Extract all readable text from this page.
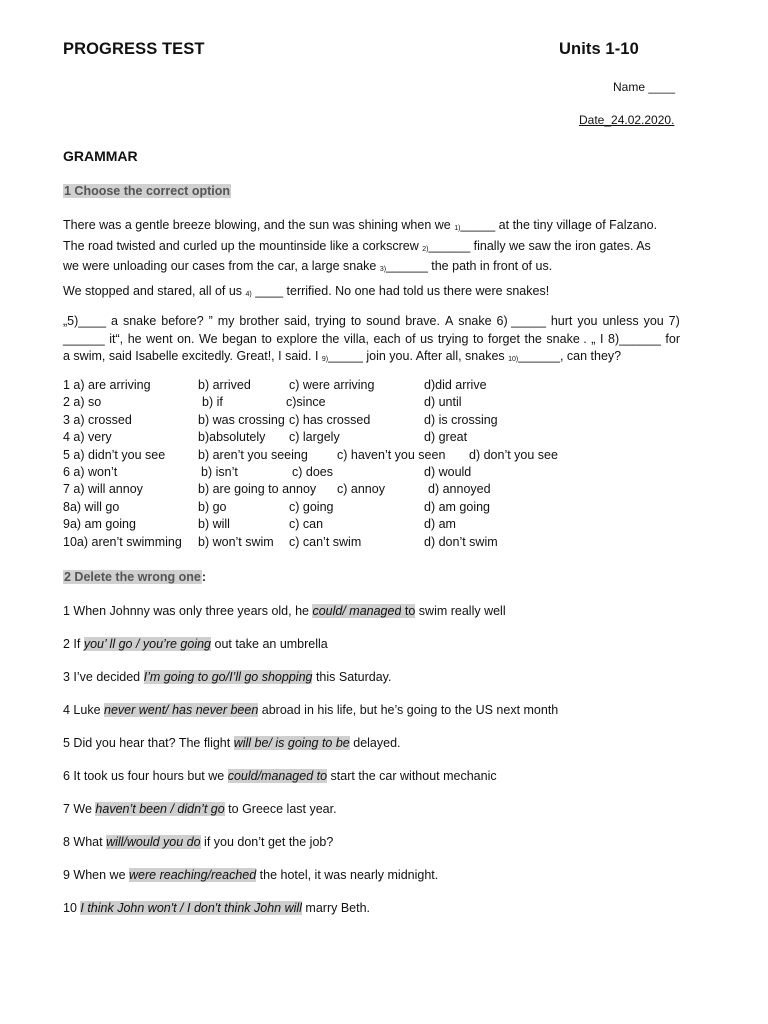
PROGRESS TEST	Units 1-10
Name ____
Date_24.02.2020.
GRAMMAR
1 Choose the correct option
There was a gentle breeze blowing, and the sun was shining when we 1)_____ at the tiny village of Falzano.
The road twisted and curled up the mountinside like a corkscrew 2)______ finally we saw the iron gates. As
we were unloading our cases from the car, a large snake 3)______ the path in front of us.
We stopped and stared, all of us 4) ____ terrified. No one had told us there were snakes!
„5)____ a snake before? ” my brother said, trying to sound brave. A snake 6) _____ hurt you unless you 7)
______ it“, he went on. We began to explore the villa, each of us trying to forget the snake . „ I 8)______ for
a swim, said Isabelle excitedly. Great!, I said. I 9)_____ join you. After all, snakes 10)______, can they?
1 a) are arriving	b) arrived	c) were arriving	d)did arrive
2 a) so	b) if	c)since	d) until
3 a) crossed	b) was crossing c) has crossed	d) is crossing
4 a) very	b)absolutely c) largely	d) great
5 a) didn’t you see	b) aren’t you seeing c) haven’t you seen d) don’t you see
6 a) won’t	b) isn’t	c) does	d) would
7 a) will annoy	b) are going to annoy c) annoy	d) annoyed
8a) will go	b) go	c) going	d) am going
9a) am going	b) will	c) can	d) am
10a) aren’t swimming b) won’t swim c) can’t swim	d) don’t swim
2 Delete the wrong one:
1 When Johnny was only three years old, he could/ managed to swim really well
2 If you’ ll go / you’re going out take an umbrella
3 I’ve decided I’m going to go/I’ll go shopping this Saturday.
4 Luke never went/ has never been abroad in his life, but he’s going to the US next month
5 Did you hear that? The flight will be/ is going to be delayed.
6 It took us four hours but we could/managed to start the car without mechanic
7 We haven’t been / didn’t go to Greece last year.
8 What will/would you do if you don’t get the job?
9 When we were reaching/reached the hotel, it was nearly midnight.
10 I think John won't / I don't think John will marry Beth.
